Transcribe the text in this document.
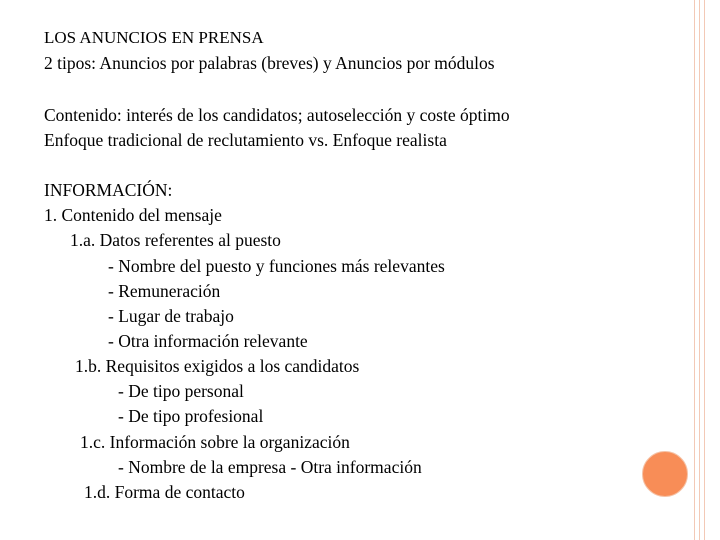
LOS ANUNCIOS EN PRENSA
2 tipos: Anuncios por palabras (breves) y Anuncios por módulos
Contenido: interés de los candidatos; autoselección y coste óptimo
Enfoque tradicional de reclutamiento vs. Enfoque realista
INFORMACIÓN:
1. Contenido del mensaje
1.a. Datos referentes al puesto
- Nombre del puesto y funciones más relevantes
- Remuneración
- Lugar de trabajo
- Otra información relevante
1.b. Requisitos exigidos a los candidatos
- De tipo personal
- De tipo profesional
1.c. Información sobre la organización
- Nombre de la empresa - Otra información
1.d. Forma de contacto
